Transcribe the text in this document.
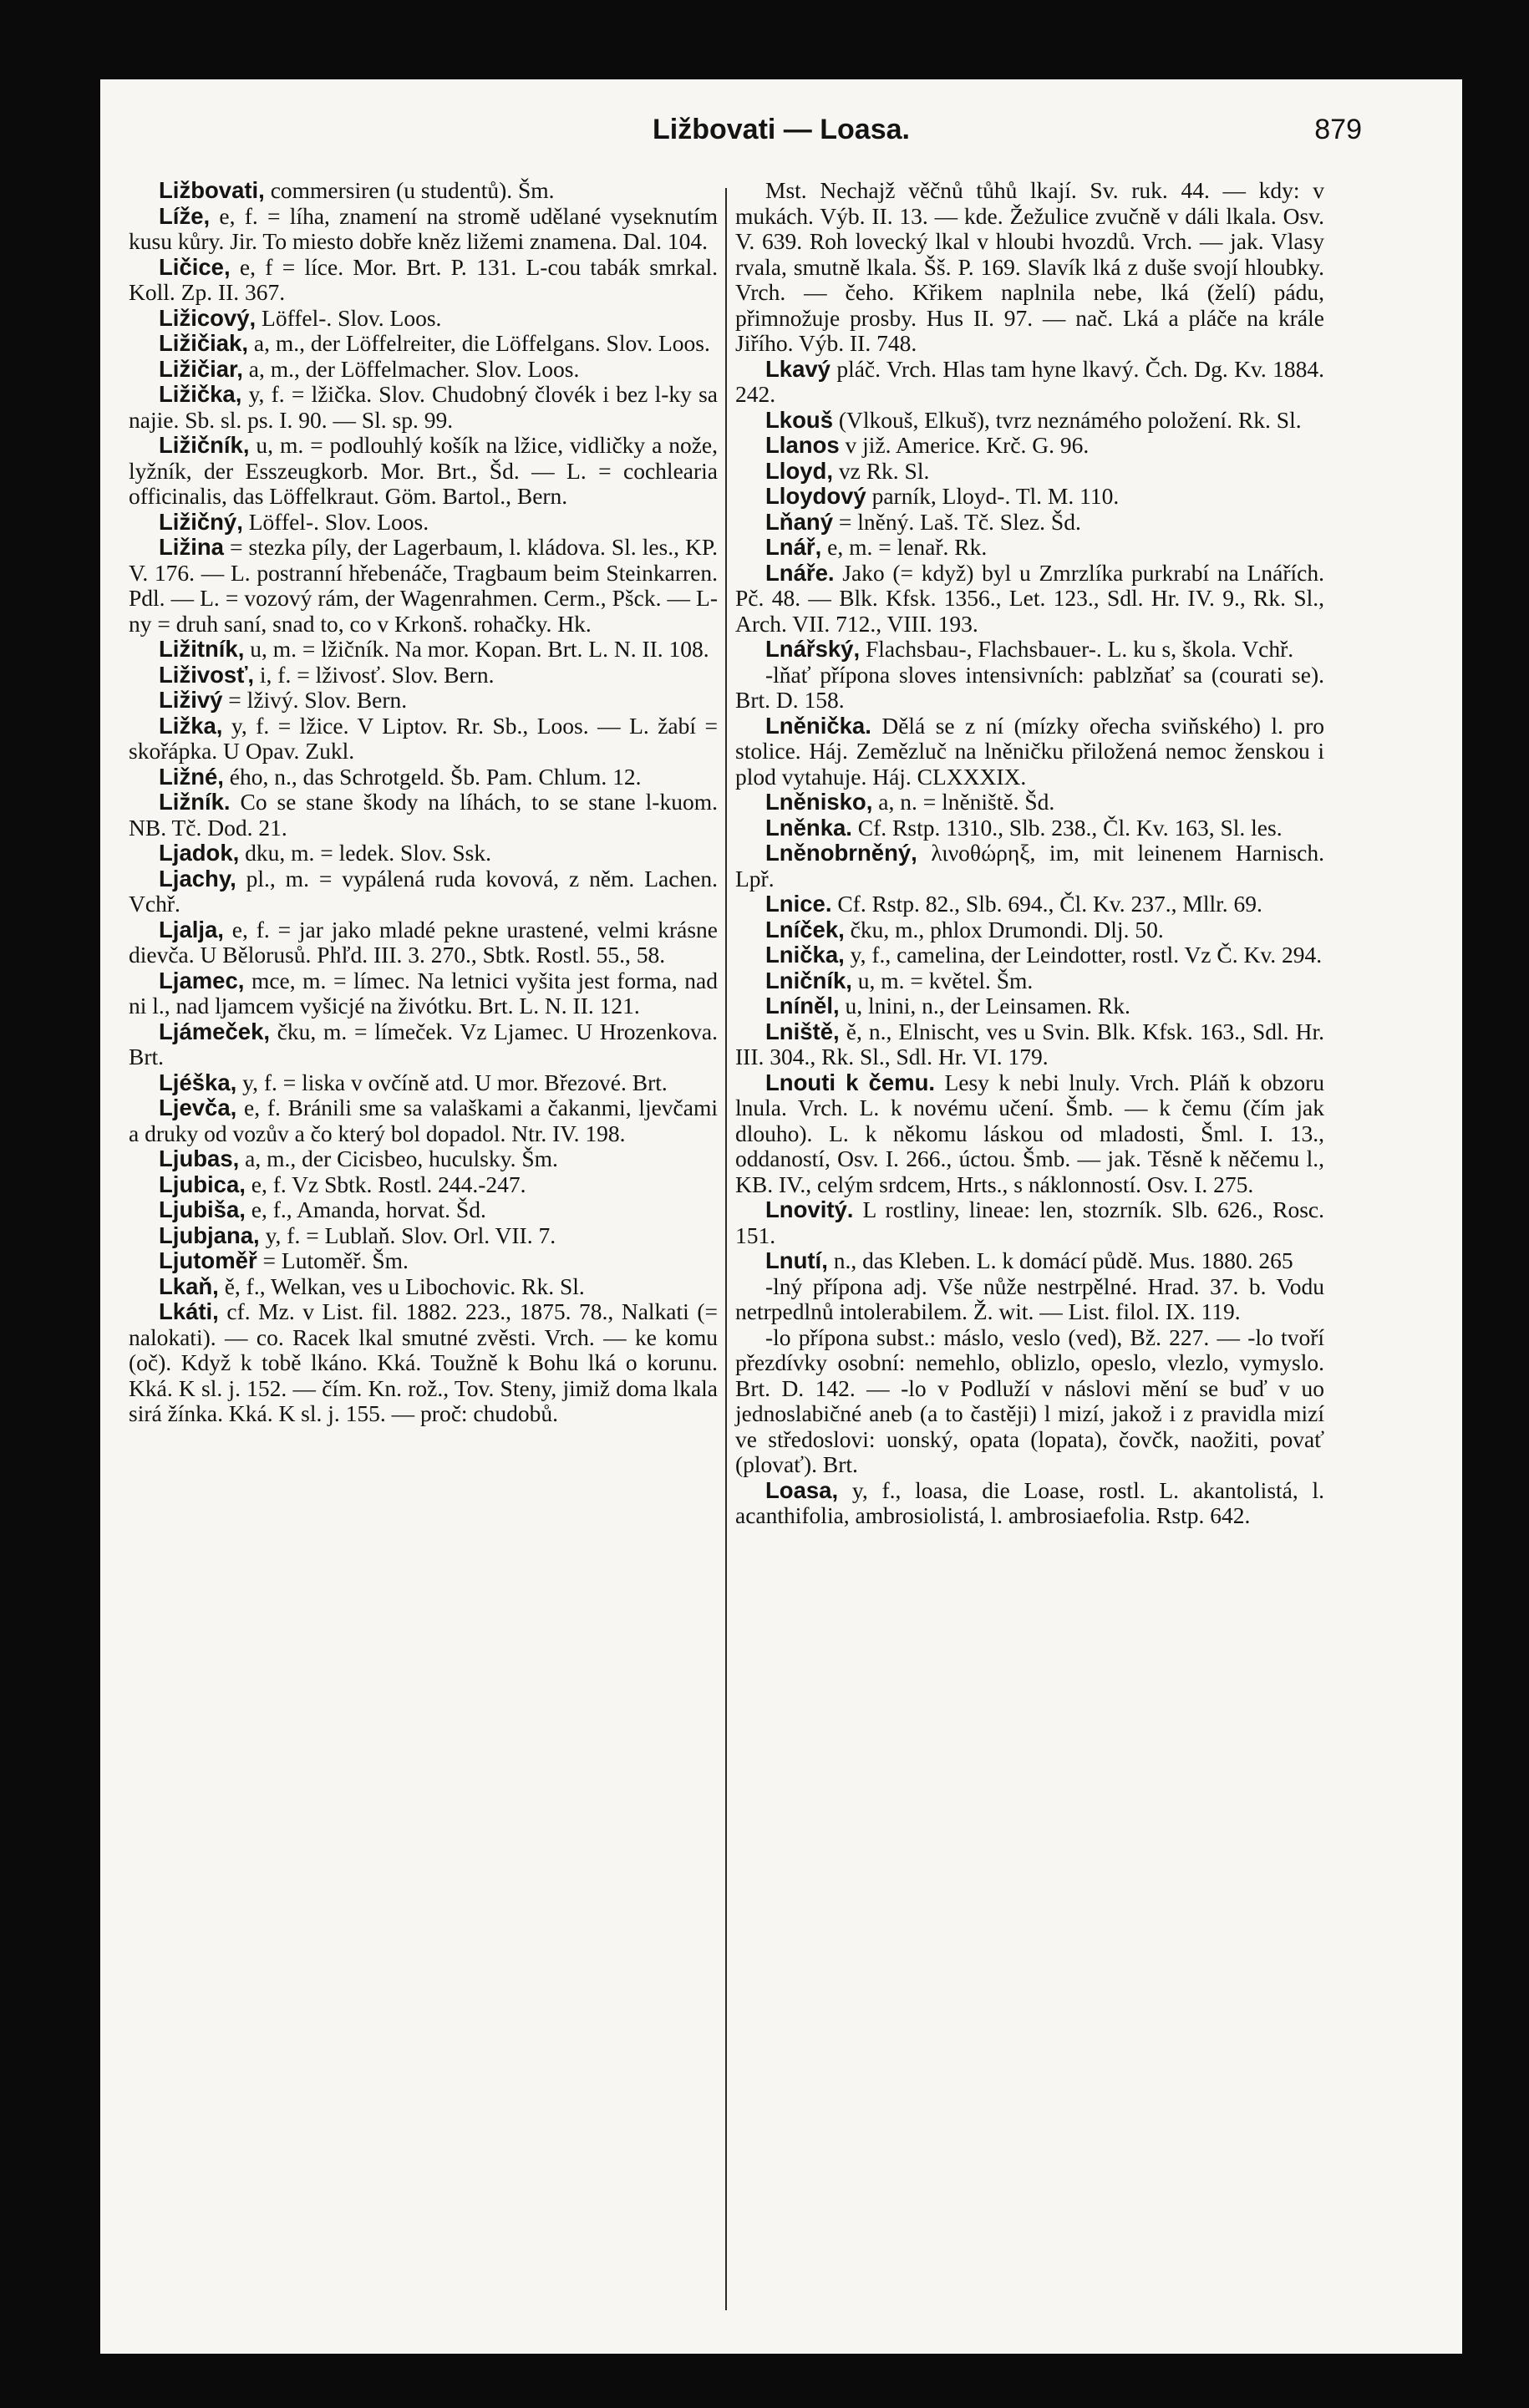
Ližbovati — Loasa.	879

Ližbovati, commersiren (u studentů). Šm.

Líže, e, f. = líha, znamení na stromě udělané vyseknutím kusu kůry. Jir. To miesto dobře kněz ližemi znamena. Dal. 104.

Ličice, e, f = líce. Mor. Brt. P. 131. L-cou tabák smrkal. Koll. Zp. II. 367.

Ližicový, Löffel-. Slov. Loos.

Ližičiak, a, m., der Löffelreiter, die Löffelgans. Slov. Loos.

Ližičiar, a, m., der Löffelmacher. Slov. Loos.

Ližička, y, f. = lžička. Slov. Chudobný človék i bez l-ky sa najie. Sb. sl. ps. I. 90. — Sl. sp. 99.

Ližičník, u, m. = podlouhlý košík na lžice, vidličky a nože, lyžník, der Esszeugkorb. Mor. Brt., Šd. — L. = cochlearia officinalis, das Löffelkraut. Göm. Bartol., Bern.

Ližičný, Löffel-. Slov. Loos.

Ližina = stezka píly, der Lagerbaum, l. kládova. Sl. les., KP. V. 176. — L. postranní hřebenáče, Tragbaum beim Steinkarren. Pdl. — L. = vozový rám, der Wagenrahmen. Cerm., Pšck. — L-ny = druh saní, snad to, co v Krkonš. rohačky. Hk.

Ližitník, u, m. = lžičník. Na mor. Kopan. Brt. L. N. II. 108.

Liživosť, i, f. = lživosť. Slov. Bern.

Liživý = lživý. Slov. Bern.

Ližka, y, f. = lžice. V Liptov. Rr. Sb., Loos. — L. žabí = skořápka. U Opav. Zukl.

Ližné, ého, n., das Schrotgeld. Šb. Pam. Chlum. 12.

Ližník. Co se stane škody na líhách, to se stane l-kuom. NB. Tč. Dod. 21.

Ljadok, dku, m. = ledek. Slov. Ssk.

Ljachy, pl., m. = vypálená ruda kovová, z něm. Lachen. Vchř.

Ljalja, e, f. = jar jako mladé pekne urastené, velmi krásne dievča. U Bělorusů. Phľd. III. 3. 270., Sbtk. Rostl. 55., 58.

Ljamec, mce, m. = límec. Na letnici vyšita jest forma, nad ni l., nad ljamcem vyšicjé na živótku. Brt. L. N. II. 121.

Ljámeček, čku, m. = límeček. Vz Ljamec. U Hrozenkova. Brt.

Ljéška, y, f. = liska v ovčíně atd. U mor. Březové. Brt.

Ljevča, e, f. Bránili sme sa valaškami a čakanmi, ljevčami a druky od vozův a čo který bol dopadol. Ntr. IV. 198.

Ljubas, a, m., der Cicisbeo, huculsky. Šm.

Ljubica, e, f. Vz Sbtk. Rostl. 244.-247.

Ljubiša, e, f., Amanda, horvat. Šd.

Ljubjana, y, f. = Lublaň. Slov. Orl. VII. 7.

Ljutoměř = Lutoměř. Šm.

Lkaň, ě, f., Welkan, ves u Libochovic. Rk. Sl.

Lkáti, cf. Mz. v List. fil. 1882. 223., 1875. 78., Nalkati (= nalokati). — co. Racek lkal smutné zvěsti. Vrch. — ke komu (oč). Když k tobě lkáno. Kká. Toužně k Bohu lká o korunu. Kká. K sl. j. 152. — čím. Kn. rož., Tov. Steny, jimiž doma lkala sirá žínka. Kká. K sl. j. 155. — proč: chudobů.

Mst. Nechajž věčnů tůhů lkají. Sv. ruk. 44. — kdy: v mukách. Výb. II. 13. — kde. Žežulice zvučně v dáli lkala. Osv. V. 639. Roh lovecký lkal v hloubi hvozdů. Vrch. — jak. Vlasy rvala, smutně lkala. Šš. P. 169. Slavík lká z duše svojí hloubky. Vrch. — čeho. Křikem naplnila nebe, lká (želí) pádu, přimnožuje prosby. Hus II. 97. — nač. Lká a pláče na krále Jiřího. Výb. II. 748.

Lkavý pláč. Vrch. Hlas tam hyne lkavý. Čch. Dg. Kv. 1884. 242.

Lkouš (Vlkouš, Elkuš), tvrz neznámého položení. Rk. Sl.

Llanos v již. Americe. Krč. G. 96.

Lloyd, vz Rk. Sl.

Lloydový parník, Lloyd-. Tl. M. 110.

Lňaný = lněný. Laš. Tč. Slez. Šd.

Lnář, e, m. = lenař. Rk.

Lnáře. Jako (= když) byl u Zmrzlíka purkrabí na Lnářích. Pč. 48. — Blk. Kfsk. 1356., Let. 123., Sdl. Hr. IV. 9., Rk. Sl., Arch. VII. 712., VIII. 193.

Lnářský, Flachsbau-, Flachsbauer-. L. ku s, škola. Vchř.

-lňať přípona sloves intensivních: pablzňať sa (courati se). Brt. D. 158.

Lněnička. Dělá se z ní (mízky ořecha sviňského) l. pro stolice. Háj. Zemězluč na lněničku přiložená nemoc ženskou i plod vytahuje. Háj. CLXXXIX.

Lněnisko, a, n. = lněniště. Šd.

Lněnka. Cf. Rstp. 1310., Slb. 238., Čl. Kv. 163, Sl. les.

Lněnobrněný, λινοθώρηξ, im, mit leinenem Harnisch. Lpř.

Lnice. Cf. Rstp. 82., Slb. 694., Čl. Kv. 237., Mllr. 69.

Lníček, čku, m., phlox Drumondi. Dlj. 50.

Lnička, y, f., camelina, der Leindotter, rostl. Vz Č. Kv. 294.

Lničník, u, m. = květel. Šm.

Lníněl, u, lnini, n., der Leinsamen. Rk.

Lniště, ě, n., Elnischt, ves u Svin. Blk. Kfsk. 163., Sdl. Hr. III. 304., Rk. Sl., Sdl. Hr. VI. 179.

Lnouti k čemu. Lesy k nebi lnuly. Vrch. Pláň k obzoru lnula. Vrch. L. k novému učení. Šmb. — k čemu (čím jak dlouho). L. k někomu láskou od mladosti, Šml. I. 13., oddaností, Osv. I. 266., úctou. Šmb. — jak. Těsně k něčemu l., KB. IV., celým srdcem, Hrts., s náklonností. Osv. I. 275.

Lnovitý. L rostliny, lineae: len, stozrník. Slb. 626., Rosc. 151.

Lnutí, n., das Kleben. L. k domácí půdě. Mus. 1880. 265

-lný přípona adj. Vše nůže nestrpělné. Hrad. 37. b. Vodu netrpedlnů intolerabilem. Ž. wit. — List. filol. IX. 119.

-lo přípona subst.: máslo, veslo (ved), Bž. 227. — -lo tvoří přezdívky osobní: nemehlo, oblizlo, opeslo, vlezlo, vymyslo. Brt. D. 142. — -lo v Podluží v náslovi mění se buď v uo jednoslabičné aneb (a to častěji) l mizí, jakož i z pravidla mizí ve středoslovi: uonský, opata (lopata), čovčk, naožiti, povať (plovať). Brt.

Loasa, y, f., loasa, die Loase, rostl. L. akantolistá, l. acanthifolia, ambrosiolistá, l. ambrosiaefolia. Rstp. 642.
